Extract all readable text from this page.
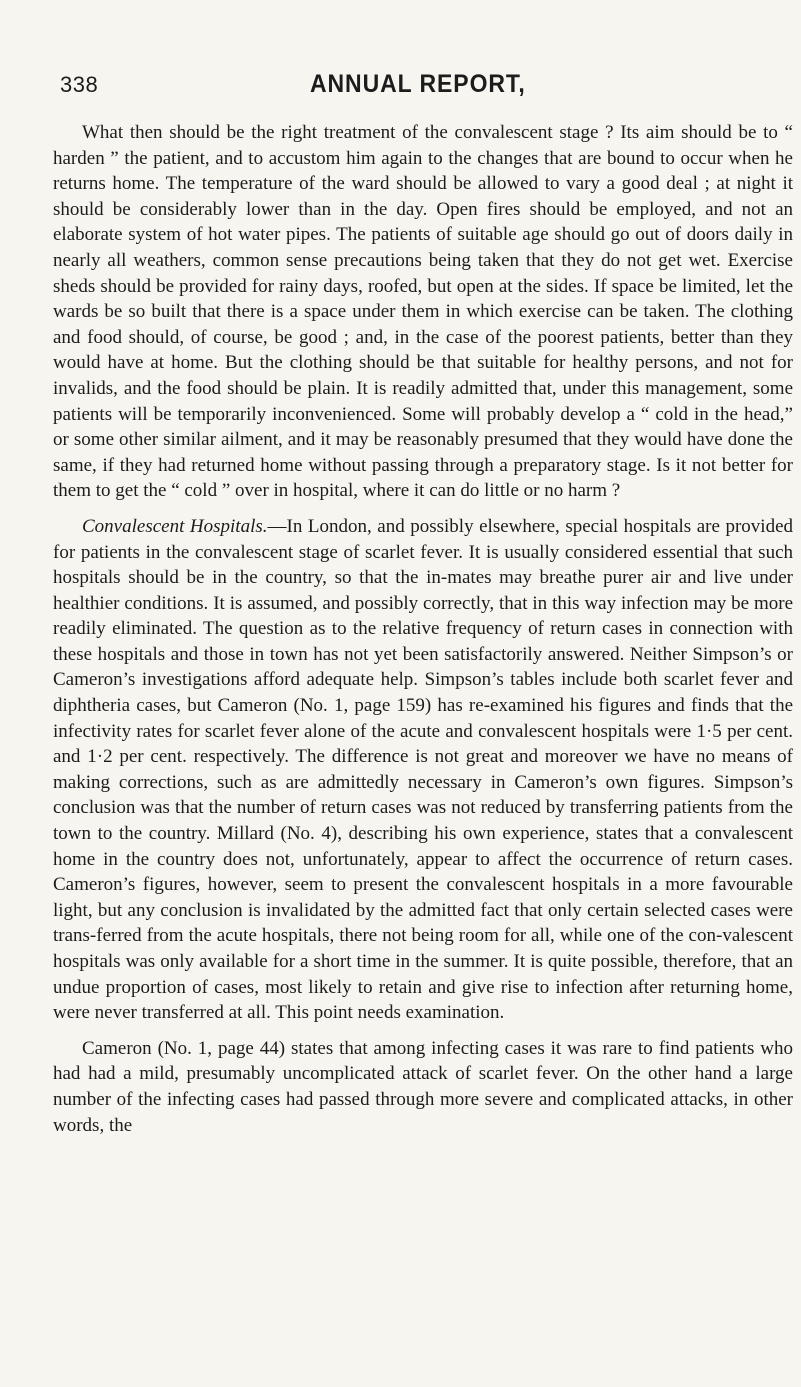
338	ANNUAL REPORT,

What then should be the right treatment of the convalescent stage ? Its aim should be to “ harden ” the patient, and to accustom him again to the changes that are bound to occur when he returns home. The temperature of the ward should be allowed to vary a good deal ; at night it should be considerably lower than in the day. Open fires should be employed, and not an elaborate system of hot water pipes. The patients of suitable age should go out of doors daily in nearly all weathers, common sense precautions being taken that they do not get wet. Exercise sheds should be provided for rainy days, roofed, but open at the sides. If space be limited, let the wards be so built that there is a space under them in which exercise can be taken. The clothing and food should, of course, be good ; and, in the case of the poorest patients, better than they would have at home. But the clothing should be that suitable for healthy persons, and not for invalids, and the food should be plain. It is readily admitted that, under this management, some patients will be temporarily inconvenienced. Some will probably develop a “ cold in the head,” or some other similar ailment, and it may be reasonably presumed that they would have done the same, if they had returned home without passing through a preparatory stage. Is it not better for them to get the “ cold ” over in hospital, where it can do little or no harm ?

Convalescent Hospitals.—In London, and possibly elsewhere, special hospitals are provided for patients in the convalescent stage of scarlet fever. It is usually considered essential that such hospitals should be in the country, so that the in-mates may breathe purer air and live under healthier conditions. It is assumed, and possibly correctly, that in this way infection may be more readily eliminated. The question as to the relative frequency of return cases in connection with these hospitals and those in town has not yet been satisfactorily answered. Neither Simpson’s or Cameron’s investigations afford adequate help. Simpson’s tables include both scarlet fever and diphtheria cases, but Cameron (No. 1, page 159) has re-examined his figures and finds that the infectivity rates for scarlet fever alone of the acute and convalescent hospitals were 1·5 per cent. and 1·2 per cent. respectively. The difference is not great and moreover we have no means of making corrections, such as are admittedly necessary in Cameron’s own figures. Simpson’s conclusion was that the number of return cases was not reduced by transferring patients from the town to the country. Millard (No. 4), describing his own experience, states that a convalescent home in the country does not, unfortunately, appear to affect the occurrence of return cases. Cameron’s figures, however, seem to present the convalescent hospitals in a more favourable light, but any conclusion is invalidated by the admitted fact that only certain selected cases were trans-ferred from the acute hospitals, there not being room for all, while one of the con-valescent hospitals was only available for a short time in the summer. It is quite possible, therefore, that an undue proportion of cases, most likely to retain and give rise to infection after returning home, were never transferred at all. This point needs examination.

Cameron (No. 1, page 44) states that among infecting cases it was rare to find patients who had had a mild, presumably uncomplicated attack of scarlet fever. On the other hand a large number of the infecting cases had passed through more severe and complicated attacks, in other words, the
